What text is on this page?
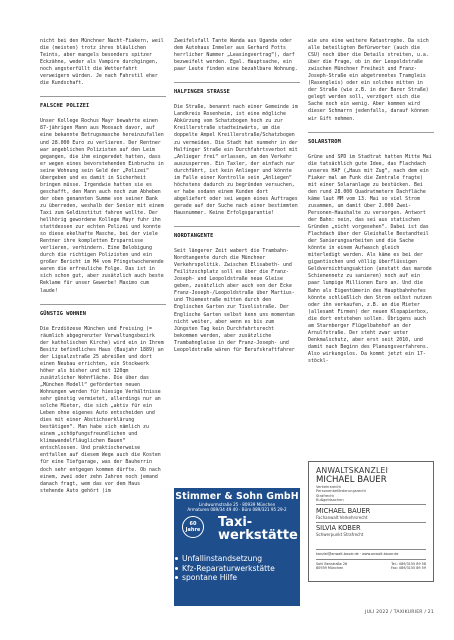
nicht bei den Münchner Nacht-Fiakern, weil die (meisten) trotz ihres bläulichen Teints, aber mangels besonders spitzer Eckzähne, weder als Vampire durchgingen, noch angsterfüllt die Wetterfahrt verweigern würden. Je nach Fahrstil eher die Kundschaft.

FALSCHE POLIZEI

Unser Kollege Rochus Mayr bewahrte einen 87-jährigen Mann aus Moosach davor, auf eine bekannte Betrugsmasche hereinzufallen und 28.000 Euro zu verlieren. Der Rentner war angeblichen Polizisten auf den Leim gegangen, die ihm eingeredet hatten, dass er wegen eines bevorstehenden Einbruchs in seine Wohnung sein Geld der „Polizei“ übergeben und es damit in Sicherheit bringen müsse. Irgendwie hatten sie es geschafft, den Mann auch noch zum Abheben der oben genannten Summe von seiner Bank zu überreden, weshalb der Senior mit einem Taxi zum Geldinstitut fahren wollte. Der hellhörig gewordene Kollege Mayr fuhr ihn stattdessen zur echten Polizei und konnte so diese ekelhafte Masche, bei der viele Rentner ihre kompletten Ersparnisse verlieren, verhindern. Eine Belobigung durch die richtigen Polizisten und ein großer Bericht im M4 vom Pfingstwochenende waren die erfreuliche Folge. Das ist in sich schon gut, aber zusätzlich auch beste Reklame für unser Gewerbe! Maximo cum laude!

GÜNSTIG WOHNEN

Die Erzdiözese München und Freising (= räumlich abgegrenzter Verwaltungsbezirk der katholischen Kirche) wird ein in Ihrem Besitz befindliches Haus (Baujahr 1889) an der Ligsalzstraße 25 abreißen und dort einen Neubau errichten, ein Stockwerk höher als bisher und mit 120qm zusätzlicher Wohnfläche. Die über das „München Modell“ geförderten neuen Wohnungen werden für hiesige Verhältnisse sehr günstig vermietet, allerdings nur an solche Mieter, die sich „aktiv für ein Leben ohne eigenes Auto entscheiden und dies mit einer Abstichserklärung bestätigen“. Man habe sich nämlich zu einem „schöpfungsfreundlichen und klimawandelfläuglichen Bauen“ entschlossen. Und praktischerweise entfallen auf diesem Wege auch die Kosten für eine Tiefgarage, was der Bauherrin doch sehr entgegen kommen dürfte. Ob nach einem, zwei oder zehn Jahren noch jemand danach fragt, wem das vor dem Haus stehende Auto gehört (im

Zweifelsfall Tante Wanda aus Uganda oder dem Autohaus Inmeler aus Gerhard Fotts herrlicher Nummer „Leasingvertrag“), darf bezweifelt werden. Egal. Hauptsache, ein paar Leute finden eine bezahlbare Wohnung.

HALFINGER STRASSE

Die Straße, benannt nach einer Gemeinde im Landkreis Rosenheim, ist eine mögliche Abkürzung vom Schatzbogen hoch zu zur Kreillerstraße stadteinwärts, um die doppelte Ampel Kreillerstraße/Schatzbogen zu vermeiden. Die Stadt hat nunmehr in der Halfinger Straße ein Durchfahrtsverbot mit „Anlieger frei“ erlassen, um den Verkehr auszusperren. Ein Taxler, der einfach nur durchfährt, ist kein Anlieger und könnte im Falle einer Kontrolle sein „Anliegen“ höchstens dadurch zu begründen versuchen, er habe sodann einem Kunden dort abgeliefert oder sei wegen eines Auftrages gerade auf der Suche nach einer bestimmten Hausnummer. Keine Erfolgsgarantie!

NORDTANGENTE

Seit längerer Zeit wabert die Trambahn-Nordtangente durch die Münchner Verkehrspolitik. Zwischen Elisabeth- und Feilitzschplatz soll es über die Franz- Joseph- und Leopoldstraße neue Gleise geben, zusätzlich aber auch von der Ecke Franz-Joseph-/Leopoldstraße über Martius- und Thiemestraße mitten durch den Englischen Garten zur Tivolistraße. Der Englische Garten selbst kenn uns momentan nicht weiter, aber wenn es bis zum Jüngsten Tag kein Durchfahrtsrecht bekommen werden, aber zusätzliche Trambahngleise in der Franz-Joseph- und Leopoldstraße wären für Berufskraftfahrer

wie uns eine weitere Katastrophe. Da sich alle beteiligten Befürworter (auch die CSU) noch über die Details streiten, u.a. über die Frage, ob in der Leopoldstraße zwischen Münchner Freiheit und Franz-Joseph-Straße ein abgetrenntes Tramgleis (Rasengleis) oder ein solches mitten in der Straße (wie z.B. in der Barer Straße) gelegt werden soll, verzögert sich die Sache noch ein wenig. Aber kommen wird dieser Schmarrn jedenfalls, darauf können wir Gift nehmen.

SOLARSTROM

Grüne und SPD im Stadtrat hatten Mitte Mai die tatsächlich gute Idee, das Flachdach unseres HAF („Haus mit Zug“, nach dem ein Fiaker mal am Funk die Zentrale fragte) mit einer Solaranlage zu bestücken. Bei den rund 28.000 Quadratmetern Dachfläche käme laut MM vom 13. Mai so viel Strom zusammen, um damit über 2.000 Zwei-Personen-Haushalte zu versorgen. Antwort der Bahn: nein, das sei aus statischen Gründen „nicht vorgesehen“. Dabei ist das Flachdach über der Gleishalle Bestandteil der Sanierungsarbeiten und die Sache könnte in einem Aufwasch gleich miterledigt werden. Als käme es bei der gigantischen und völlig überflüssigen Geldvernichtungsaktion (anstatt das marode Schienennetz zu sanieren) noch auf ein paar lumpige Millionen Euro an. Und die Bahn als Eigentümerin des Hauptbahnhofes könnte schließlich den Strom selbst nutzen oder ihn verkaufen, z.B. an die Mieter (allesamt Firmen) der neuen Klopapierbox, die dort entstehen sollen. Übrigens auch am Starnberger Flügelbahnhof an der Arnulfstraße. Der steht zwar unter Denkmalschutz, aber erst seit 2010, und damit nach Beginn des Planungsverfahrens. Also wirkungslos. Da kommt jetzt ein 17-stöckl-

Stimmer & Sohn GmbH
Lindwurmstraße 25 · 80939 München
Armaturen 089/34 49 40 · Büro 089/321 95 29-2
60
Jahre Taxi-
werkstätte
Unfallinstandsetzung
Kfz-Reparaturwerkstätte
spontane Hilfe
ANWALTSKANZLEI
MICHAEL BAUER
Verkehrsrecht
Personenbeförderungsrecht
Strafrecht
Bußgeldsachen
MICHAEL BAUER
Fachanwalt Verkehrsrecht
SILVIA KOBER
Schwerpunkt Strafrecht
kanzlei@anwalt-bauer.de · www.anwalt-bauer.de
Sohl Benstraße 26	Tel.: 089/3155 89 58
80939 München	Fax: 089/3155 89 59
JULI 2022 / TAXIKURIER / 21
